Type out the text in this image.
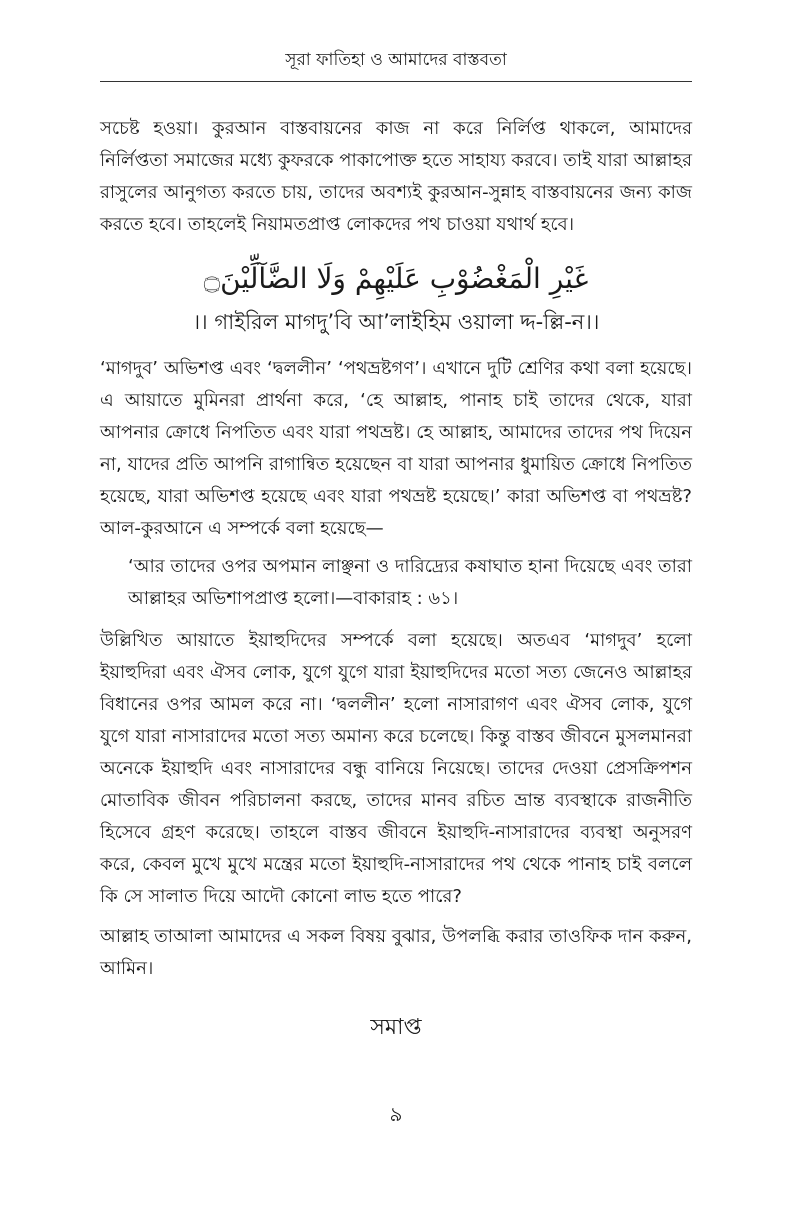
সূরা ফাতিহা ও আমাদের বাস্তবতা

সচেষ্ট হওয়া। কুরআন বাস্তবায়নের কাজ না করে নির্লিপ্ত থাকলে, আমাদের নির্লিপ্ততা সমাজের মধ্যে কুফরকে পাকাপোক্ত হতে সাহায্য করবে। তাই যারা আল্লাহর রাসুলের আনুগত্য করতে চায়, তাদের অবশ্যই কুরআন-সুন্নাহ বাস্তবায়নের জন্য কাজ করতে হবে। তাহলেই নিয়ামতপ্রাপ্ত লোকদের পথ চাওয়া যথার্থ হবে।

غَيْرِ الْمَغْضُوْبِ عَلَيْهِمْ وَلَا الضَّآلِّيْنَ۝
।। গাইরিল মাগদু’বি আ’লাইহিম ওয়ালা দ্দ-ল্লি-ন।।

‘মাগদুব’ অভিশপ্ত এবং ‘দ্বললীন’ ‘পথভ্রষ্টগণ’। এখানে দুটি শ্রেণির কথা বলা হয়েছে। এ আয়াতে মুমিনরা প্রার্থনা করে, ‘হে আল্লাহ, পানাহ চাই তাদের থেকে, যারা আপনার ক্রোধে নিপতিত এবং যারা পথভ্রষ্ট। হে আল্লাহ, আমাদের তাদের পথ দিয়েন না, যাদের প্রতি আপনি রাগান্বিত হয়েছেন বা যারা আপনার ধুমায়িত ক্রোধে নিপতিত হয়েছে, যারা অভিশপ্ত হয়েছে এবং যারা পথভ্রষ্ট হয়েছে।’ কারা অভিশপ্ত বা পথভ্রষ্ট? আল-কুরআনে এ সম্পর্কে বলা হয়েছে—

‘আর তাদের ওপর অপমান লাঞ্ছনা ও দারিদ্র্যের কষাঘাত হানা দিয়েছে এবং তারা আল্লাহর অভিশাপপ্রাপ্ত হলো।—বাকারাহ : ৬১।

উল্লিখিত আয়াতে ইয়াহুদিদের সম্পর্কে বলা হয়েছে। অতএব ‘মাগদুব’ হলো ইয়াহুদিরা এবং ঐসব লোক, যুগে যুগে যারা ইয়াহুদিদের মতো সত্য জেনেও আল্লাহর বিধানের ওপর আমল করে না। ‘দ্বললীন’ হলো নাসারাগণ এবং ঐসব লোক, যুগে যুগে যারা নাসারাদের মতো সত্য অমান্য করে চলেছে। কিন্তু বাস্তব জীবনে মুসলমানরা অনেকে ইয়াহুদি এবং নাসারাদের বন্ধু বানিয়ে নিয়েছে। তাদের দেওয়া প্রেসক্রিপশন মোতাবিক জীবন পরিচালনা করছে, তাদের মানব রচিত ভ্রান্ত ব্যবস্থাকে রাজনীতি হিসেবে গ্রহণ করেছে। তাহলে বাস্তব জীবনে ইয়াহুদি-নাসারাদের ব্যবস্থা অনুসরণ করে, কেবল মুখে মুখে মন্ত্রের মতো ইয়াহুদি-নাসারাদের পথ থেকে পানাহ চাই বললে কি সে সালাত দিয়ে আদৌ কোনো লাভ হতে পারে?

আল্লাহ তাআলা আমাদের এ সকল বিষয় বুঝার, উপলব্ধি করার তাওফিক দান করুন, আমিন।

সমাপ্ত
৯
